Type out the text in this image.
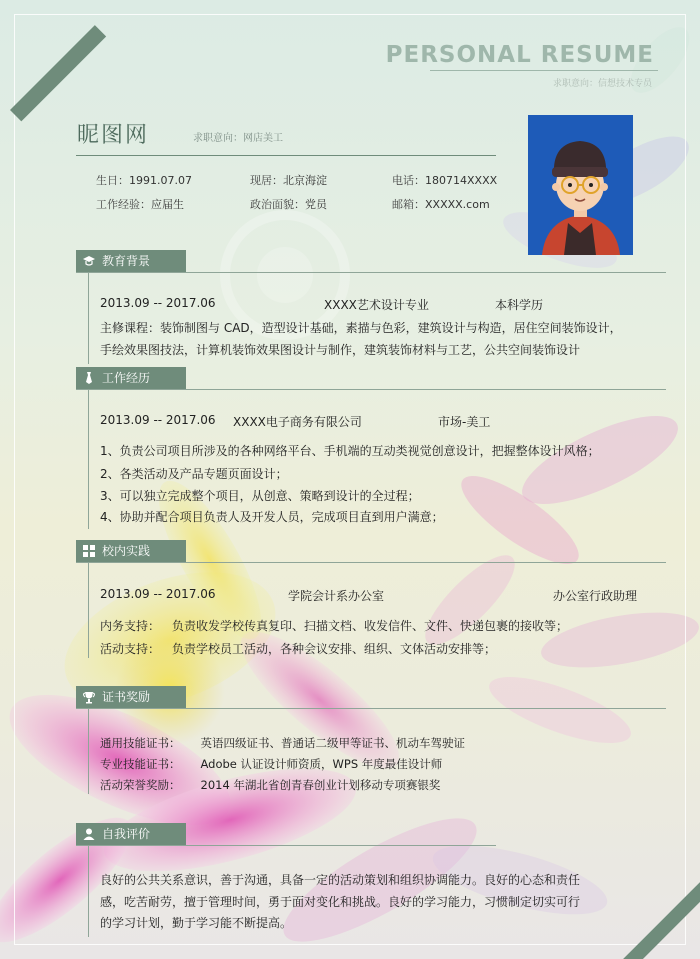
PERSONAL RESUME
求职意向：信想技术专员
昵图网	求职意向：网店美工
生日：1991.07.07	现居：北京海淀	电话：180714XXXX
工作经验：应届生	政治面貌：党员	邮箱：XXXXX.com
教育背景
2013.09 -- 2017.06	XXXX艺术设计专业	本科学历
主修课程：装饰制图与 CAD，造型设计基础，素描与色彩，建筑设计与构造，居住空间装饰设计，
手绘效果图技法，计算机装饰效果图设计与制作，建筑装饰材料与工艺，公共空间装饰设计
工作经历
2013.09 -- 2017.06 XXXX电子商务有限公司	市场-美工
1、负责公司项目所涉及的各种网络平台、手机端的互动类视觉创意设计，把握整体设计风格；
2、各类活动及产品专题页面设计；
3、可以独立完成整个项目，从创意、策略到设计的全过程；
4、协助并配合项目负责人及开发人员，完成项目直到用户满意；
校内实践
2013.09 -- 2017.06	学院会计系办公室	办公室行政助理
内务支持： 负责收发学校传真复印、扫描文档、收发信件、文件、快递包裹的接收等；
活动支持： 负责学校员工活动，各种会议安排、组织、文体活动安排等；
证书奖励
通用技能证书： 英语四级证书、普通话二级甲等证书、机动车驾驶证
专业技能证书： Adobe 认证设计师资质，WPS 年度最佳设计师
活动荣誉奖励： 2014 年湖北省创青春创业计划移动专项赛银奖
自我评价
良好的公共关系意识，善于沟通，具备一定的活动策划和组织协调能力。良好的心态和责任
感，吃苦耐劳，擅于管理时间，勇于面对变化和挑战。良好的学习能力，习惯制定切实可行
的学习计划，勤于学习能不断提高。
